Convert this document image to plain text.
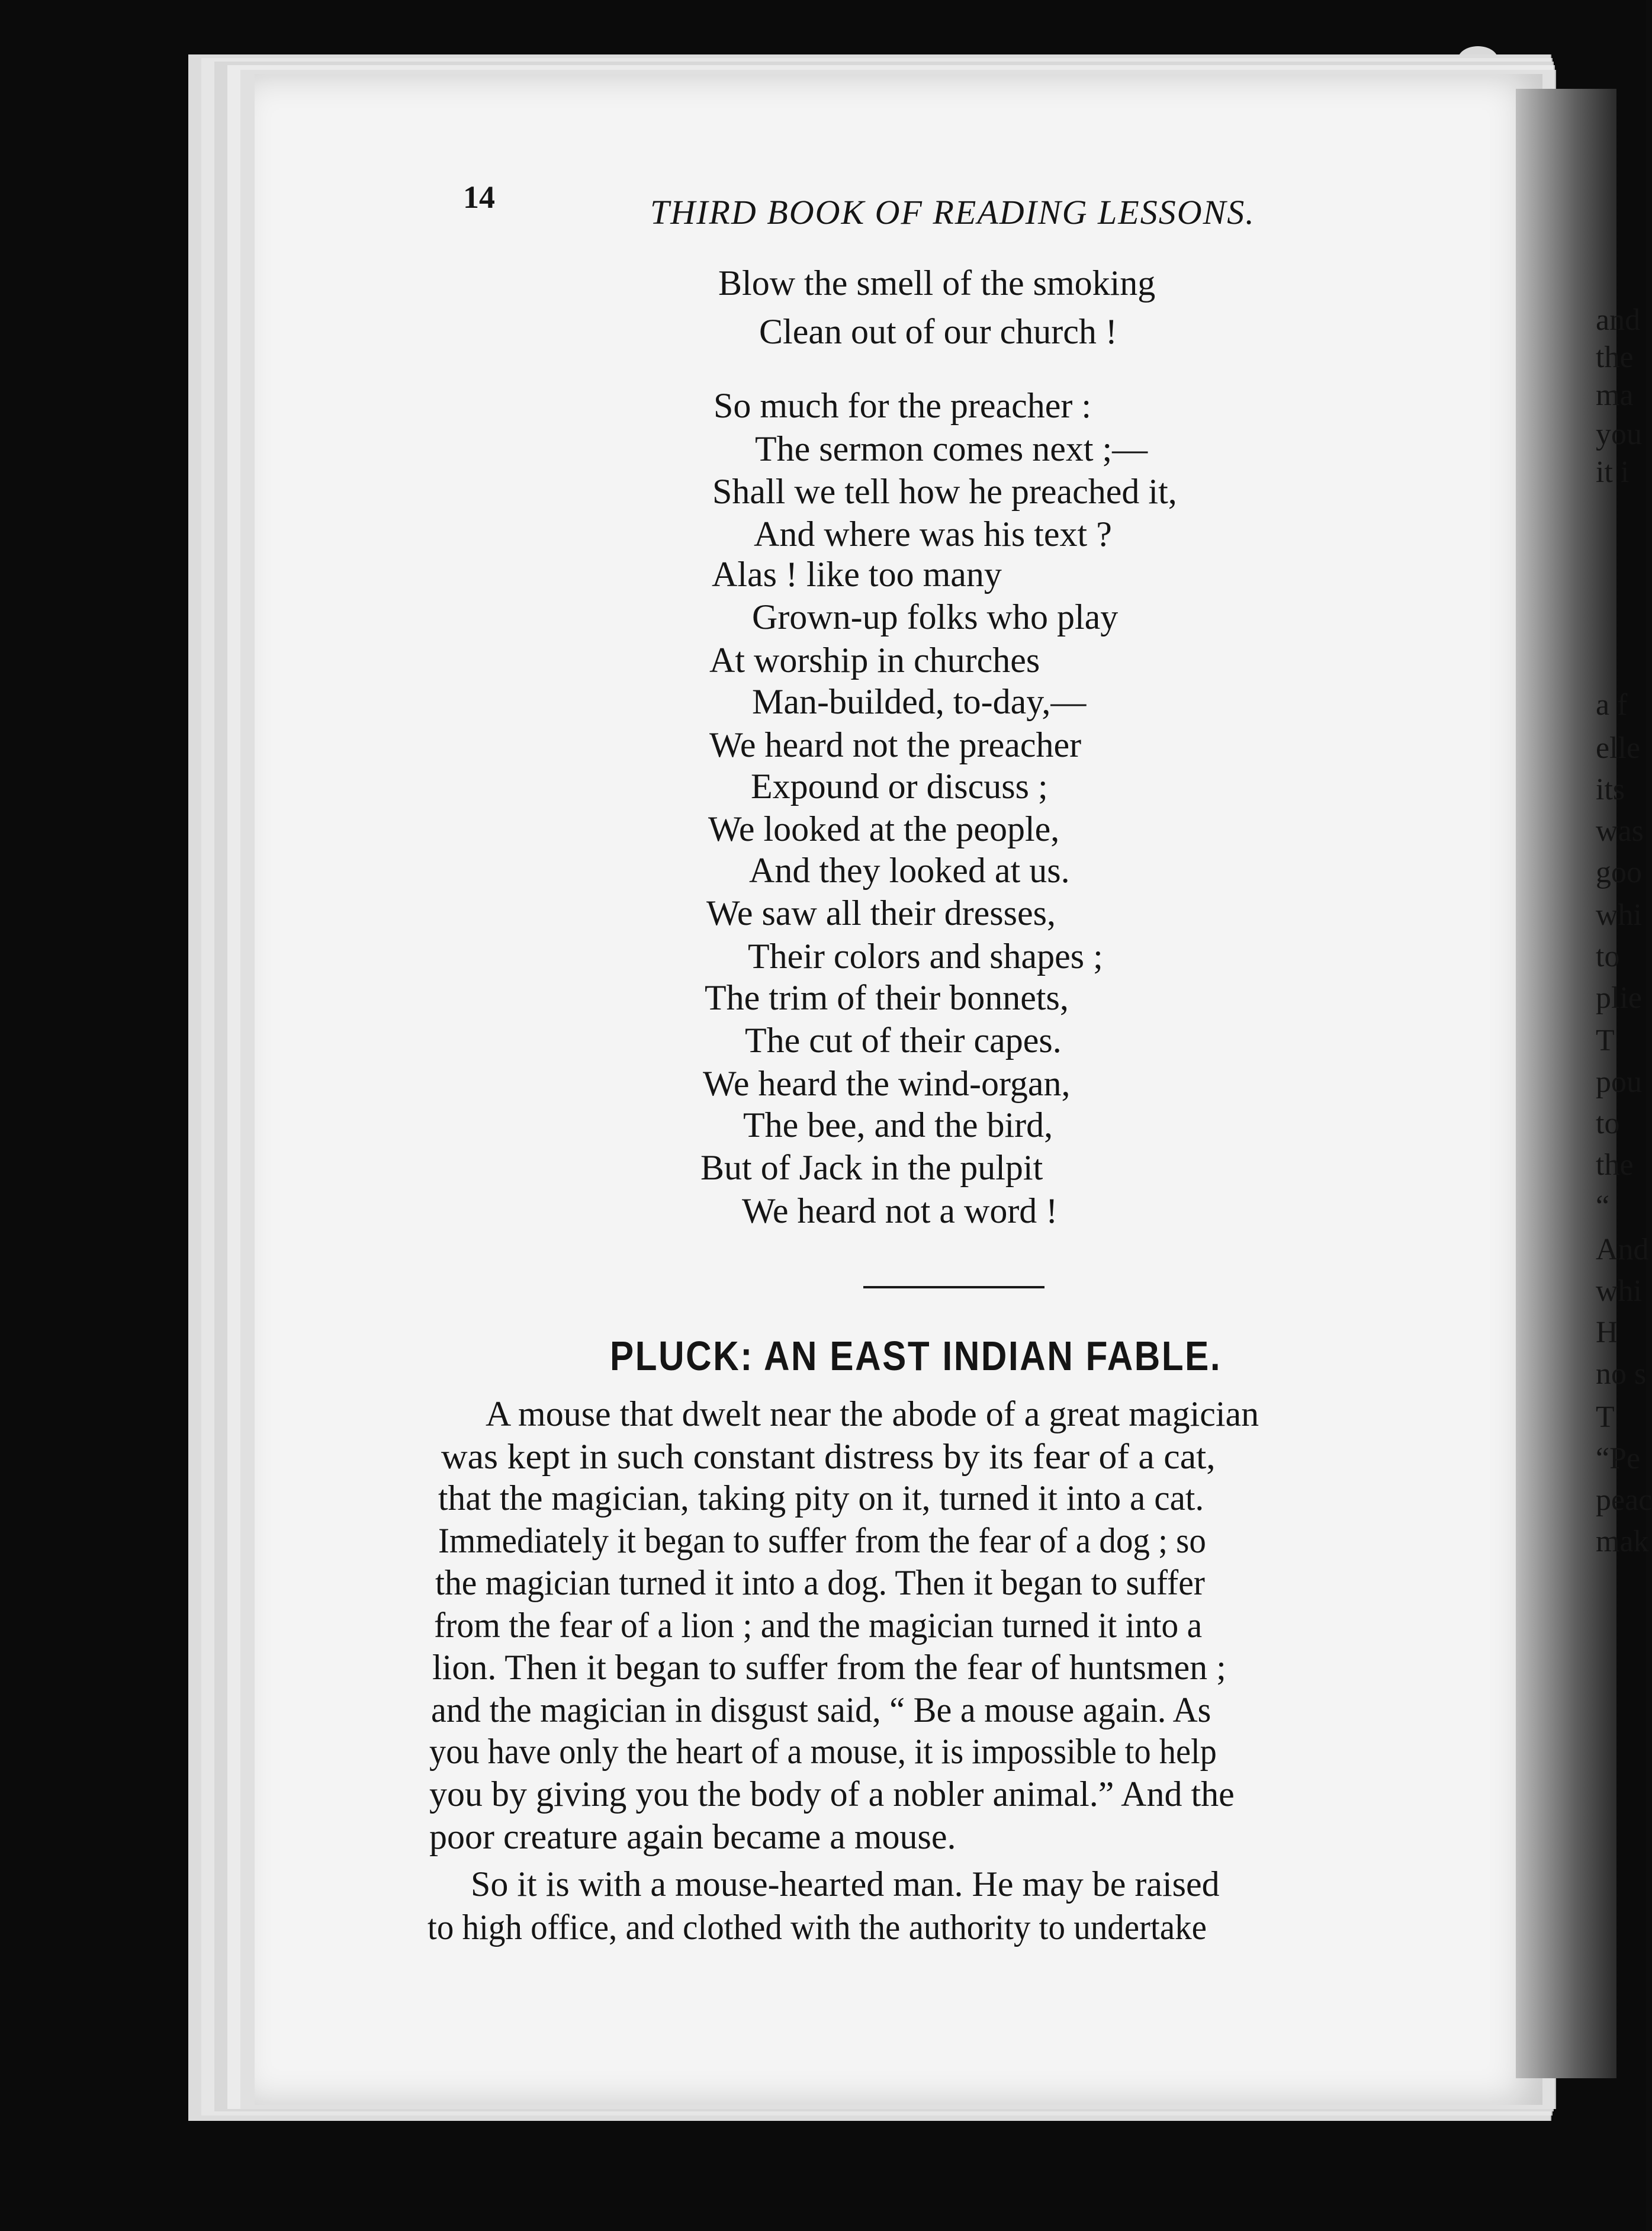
and
the
ma
you
it i
a f
elle
its
was
goo
whi
to
plie
T
pou
to
the
“
And
whi
H
no s
T
“Pe
peac
mak
14	THIRD BOOK OF READING LESSONS.
Blow the smell of the smoking
Clean out of our church !
So much for the preacher :
The sermon comes next ;—
Shall we tell how he preached it,
And where was his text ?
Alas ! like too many
Grown-up folks who play
At worship in churches
Man-builded, to-day,—
We heard not the preacher
Expound or discuss ;
We looked at the people,
And they looked at us.
We saw all their dresses,
Their colors and shapes ;
The trim of their bonnets,
The cut of their capes.
We heard the wind-organ,
The bee, and the bird,
But of Jack in the pulpit
We heard not a word !
PLUCK: AN EAST INDIAN FABLE.
A mouse that dwelt near the abode of a great magician
was kept in such constant distress by its fear of a cat,
that the magician, taking pity on it, turned it into a cat.
Immediately it began to suffer from the fear of a dog ; so
the magician turned it into a dog. Then it began to suffer
from the fear of a lion ; and the magician turned it into a
lion. Then it began to suffer from the fear of huntsmen ;
and the magician in disgust said, “ Be a mouse again. As
you have only the heart of a mouse, it is impossible to help
you by giving you the body of a nobler animal.” And the
poor creature again became a mouse.
So it is with a mouse-hearted man. He may be raised
to high office, and clothed with the authority to undertake
